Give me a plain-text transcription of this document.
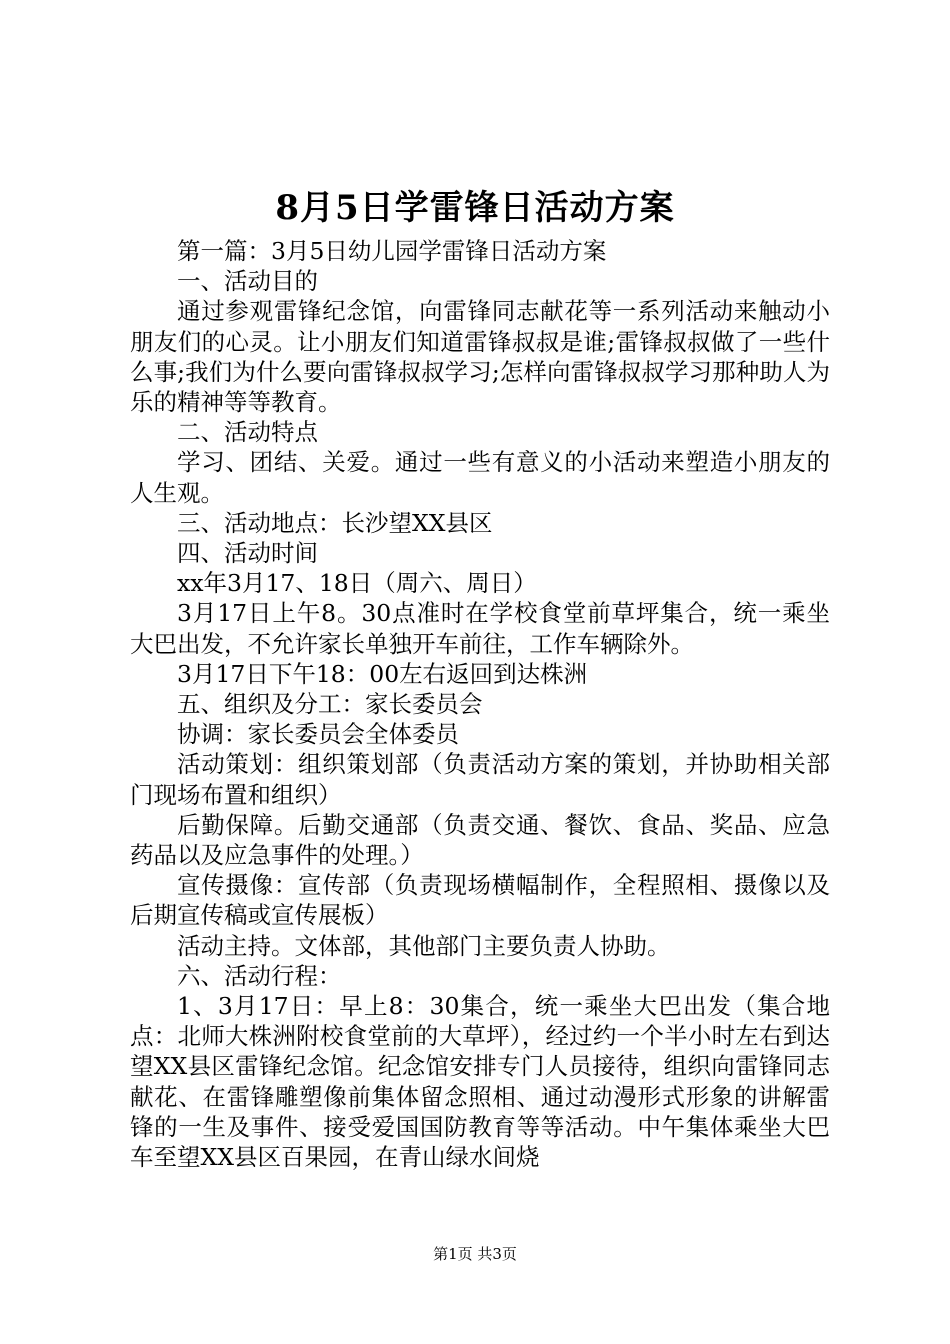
8月5日学雷锋日活动方案

第一篇：3月5日幼儿园学雷锋日活动方案

一、活动目的

通过参观雷锋纪念馆，向雷锋同志献花等一系列活动来触动小朋友们的心灵。让小朋友们知道雷锋叔叔是谁;雷锋叔叔做了一些什么事;我们为什么要向雷锋叔叔学习;怎样向雷锋叔叔学习那种助人为乐的精神等等教育。

二、活动特点

学习、团结、关爱。通过一些有意义的小活动来塑造小朋友的人生观。

三、活动地点：长沙望XX县区

四、活动时间

xx年3月17、18日（周六、周日）

3月17日上午8。30点准时在学校食堂前草坪集合，统一乘坐大巴出发，不允许家长单独开车前往，工作车辆除外。

3月17日下午18：00左右返回到达株洲

五、组织及分工：家长委员会

协调：家长委员会全体委员

活动策划：组织策划部（负责活动方案的策划，并协助相关部门现场布置和组织）

后勤保障。后勤交通部（负责交通、餐饮、食品、奖品、应急药品以及应急事件的处理。）

宣传摄像：宣传部（负责现场横幅制作，全程照相、摄像以及后期宣传稿或宣传展板）

活动主持。文体部，其他部门主要负责人协助。

六、活动行程：

1、3月17日：早上8：30集合，统一乘坐大巴出发（集合地点：北师大株洲附校食堂前的大草坪），经过约一个半小时左右到达望XX县区雷锋纪念馆。纪念馆安排专门人员接待，组织向雷锋同志献花、在雷锋雕塑像前集体留念照相、通过动漫形式形象的讲解雷锋的一生及事件、接受爱国国防教育等等活动。中午集体乘坐大巴车至望XX县区百果园，在青山绿水间烧

第1页 共3页
